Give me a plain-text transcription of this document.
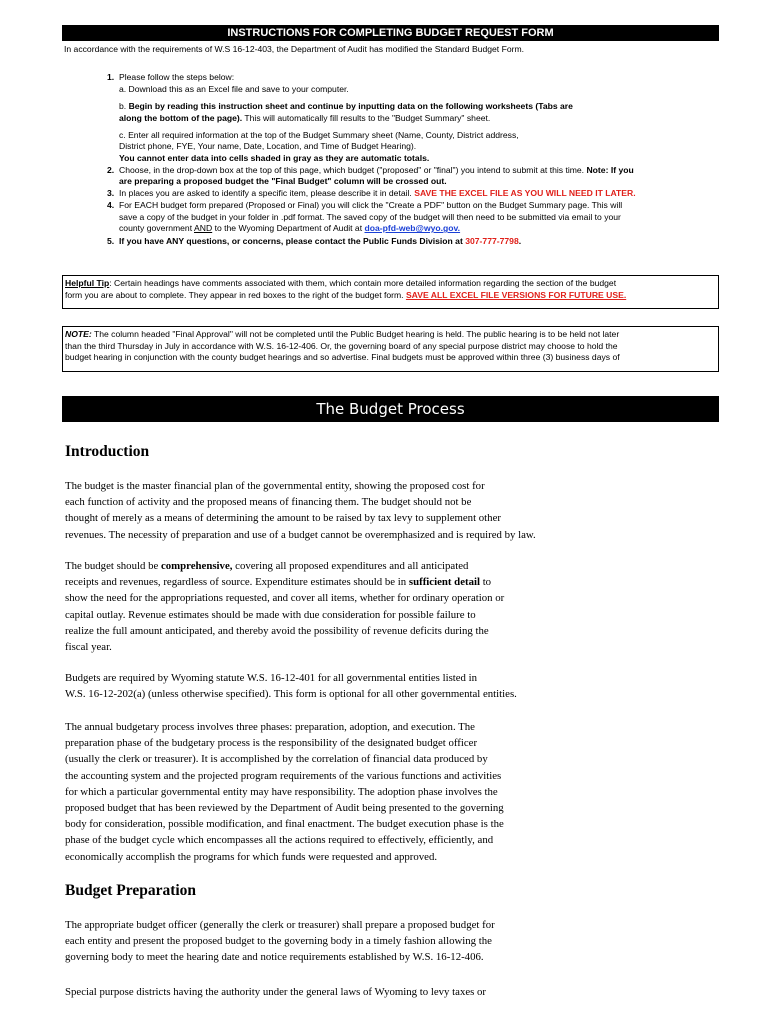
INSTRUCTIONS FOR COMPLETING BUDGET REQUEST FORM
In accordance with the requirements of W.S 16-12-403, the Department of Audit has modified the Standard Budget Form.
1. Please follow the steps below:
a. Download this as an Excel file and save to your computer.
b. Begin by reading this instruction sheet and continue by inputting data on the following worksheets (Tabs are
along the bottom of the page). This will automatically fill results to the "Budget Summary" sheet.
c. Enter all required information at the top of the Budget Summary sheet (Name, County, District address,
District phone, FYE, Your name, Date, Location, and Time of Budget Hearing).
You cannot enter data into cells shaded in gray as they are automatic totals.
2. Choose, in the drop-down box at the top of this page, which budget ("proposed" or "final") you intend to submit at this time. Note: If you
are preparing a proposed budget the "Final Budget" column will be crossed out.
3. In places you are asked to identify a specific item, please describe it in detail. SAVE THE EXCEL FILE AS YOU WILL NEED IT LATER.
4. For EACH budget form prepared (Proposed or Final) you will click the "Create a PDF" button on the Budget Summary page. This will
save a copy of the budget in your folder in .pdf format. The saved copy of the budget will then need to be submitted via email to your
county government AND to the Wyoming Department of Audit at doa-pfd-web@wyo.gov.
5. If you have ANY questions, or concerns, please contact the Public Funds Division at 307-777-7798.
Helpful Tip: Certain headings have comments associated with them, which contain more detailed information regarding the section of the budget
form you are about to complete. They appear in red boxes to the right of the budget form. SAVE ALL EXCEL FILE VERSIONS FOR FUTURE USE.
NOTE: The column headed "Final Approval" will not be completed until the Public Budget hearing is held. The public hearing is to be held not later
than the third Thursday in July in accordance with W.S. 16-12-406. Or, the governing board of any special purpose district may choose to hold the
budget hearing in conjunction with the county budget hearings and so advertise. Final budgets must be approved within three (3) business days of
The Budget Process
Introduction
The budget is the master financial plan of the governmental entity, showing the proposed cost for
each function of activity and the proposed means of financing them. The budget should not be
thought of merely as a means of determining the amount to be raised by tax levy to supplement other
revenues. The necessity of preparation and use of a budget cannot be overemphasized and is required by law.
The budget should be comprehensive, covering all proposed expenditures and all anticipated
receipts and revenues, regardless of source. Expenditure estimates should be in sufficient detail to
show the need for the appropriations requested, and cover all items, whether for ordinary operation or
capital outlay. Revenue estimates should be made with due consideration for possible failure to
realize the full amount anticipated, and thereby avoid the possibility of revenue deficits during the
fiscal year.
Budgets are required by Wyoming statute W.S. 16-12-401 for all governmental entities listed in
W.S. 16-12-202(a) (unless otherwise specified). This form is optional for all other governmental entities.
The annual budgetary process involves three phases: preparation, adoption, and execution. The
preparation phase of the budgetary process is the responsibility of the designated budget officer
(usually the clerk or treasurer). It is accomplished by the correlation of financial data produced by
the accounting system and the projected program requirements of the various functions and activities
for which a particular governmental entity may have responsibility. The adoption phase involves the
proposed budget that has been reviewed by the Department of Audit being presented to the governing
body for consideration, possible modification, and final enactment. The budget execution phase is the
phase of the budget cycle which encompasses all the actions required to effectively, efficiently, and
economically accomplish the programs for which funds were requested and approved.
Budget Preparation
The appropriate budget officer (generally the clerk or treasurer) shall prepare a proposed budget for
each entity and present the proposed budget to the governing body in a timely fashion allowing the
governing body to meet the hearing date and notice requirements established by W.S. 16-12-406.
Special purpose districts having the authority under the general laws of Wyoming to levy taxes or
